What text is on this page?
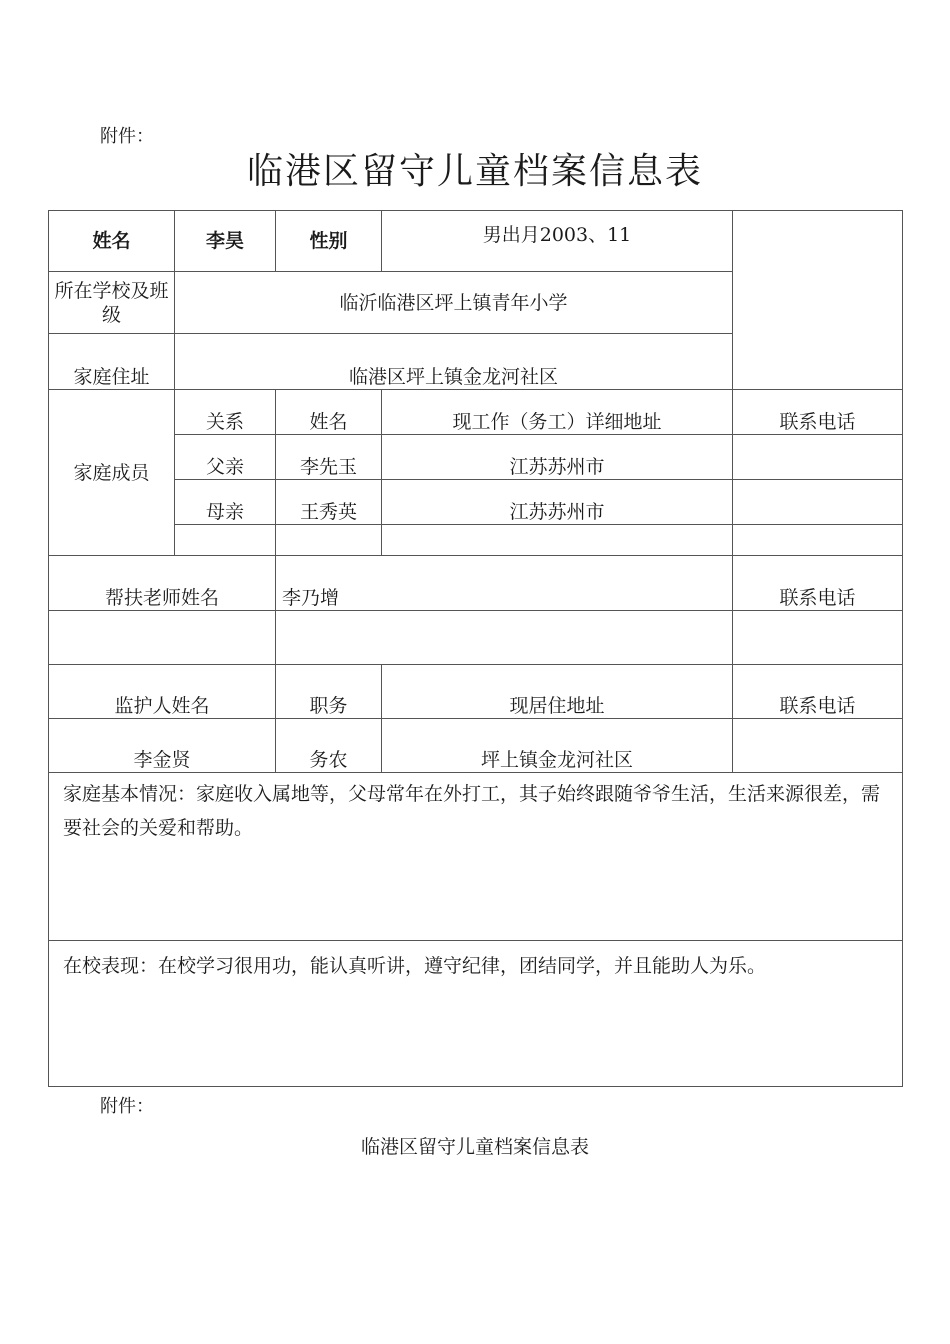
附件：
临港区留守儿童档案信息表
姓名	李昊	性别	男出月2003、11	
所在学校及班级	临沂临港区坪上镇青年小学			
家庭住址	临港区坪上镇金龙河社区			
家庭成员	关系	姓名	现工作（务工）详细地址	联系电话
	父亲	李先玉	江苏苏州市	
	母亲	王秀英	江苏苏州市	

帮扶老师姓名		李乃增		联系电话

监护人姓名		职务	现居住地址	联系电话
李金贤		务农	坪上镇金龙河社区	
家庭基本情况：家庭收入属地等，父母常年在外打工，其子始终跟随爷爷生活，生活来源很差，需要社会的关爱和帮助。				
在校表现：在校学习很用功，能认真听讲，遵守纪律，团结同学，并且能助人为乐。				
附件：
临港区留守儿童档案信息表
